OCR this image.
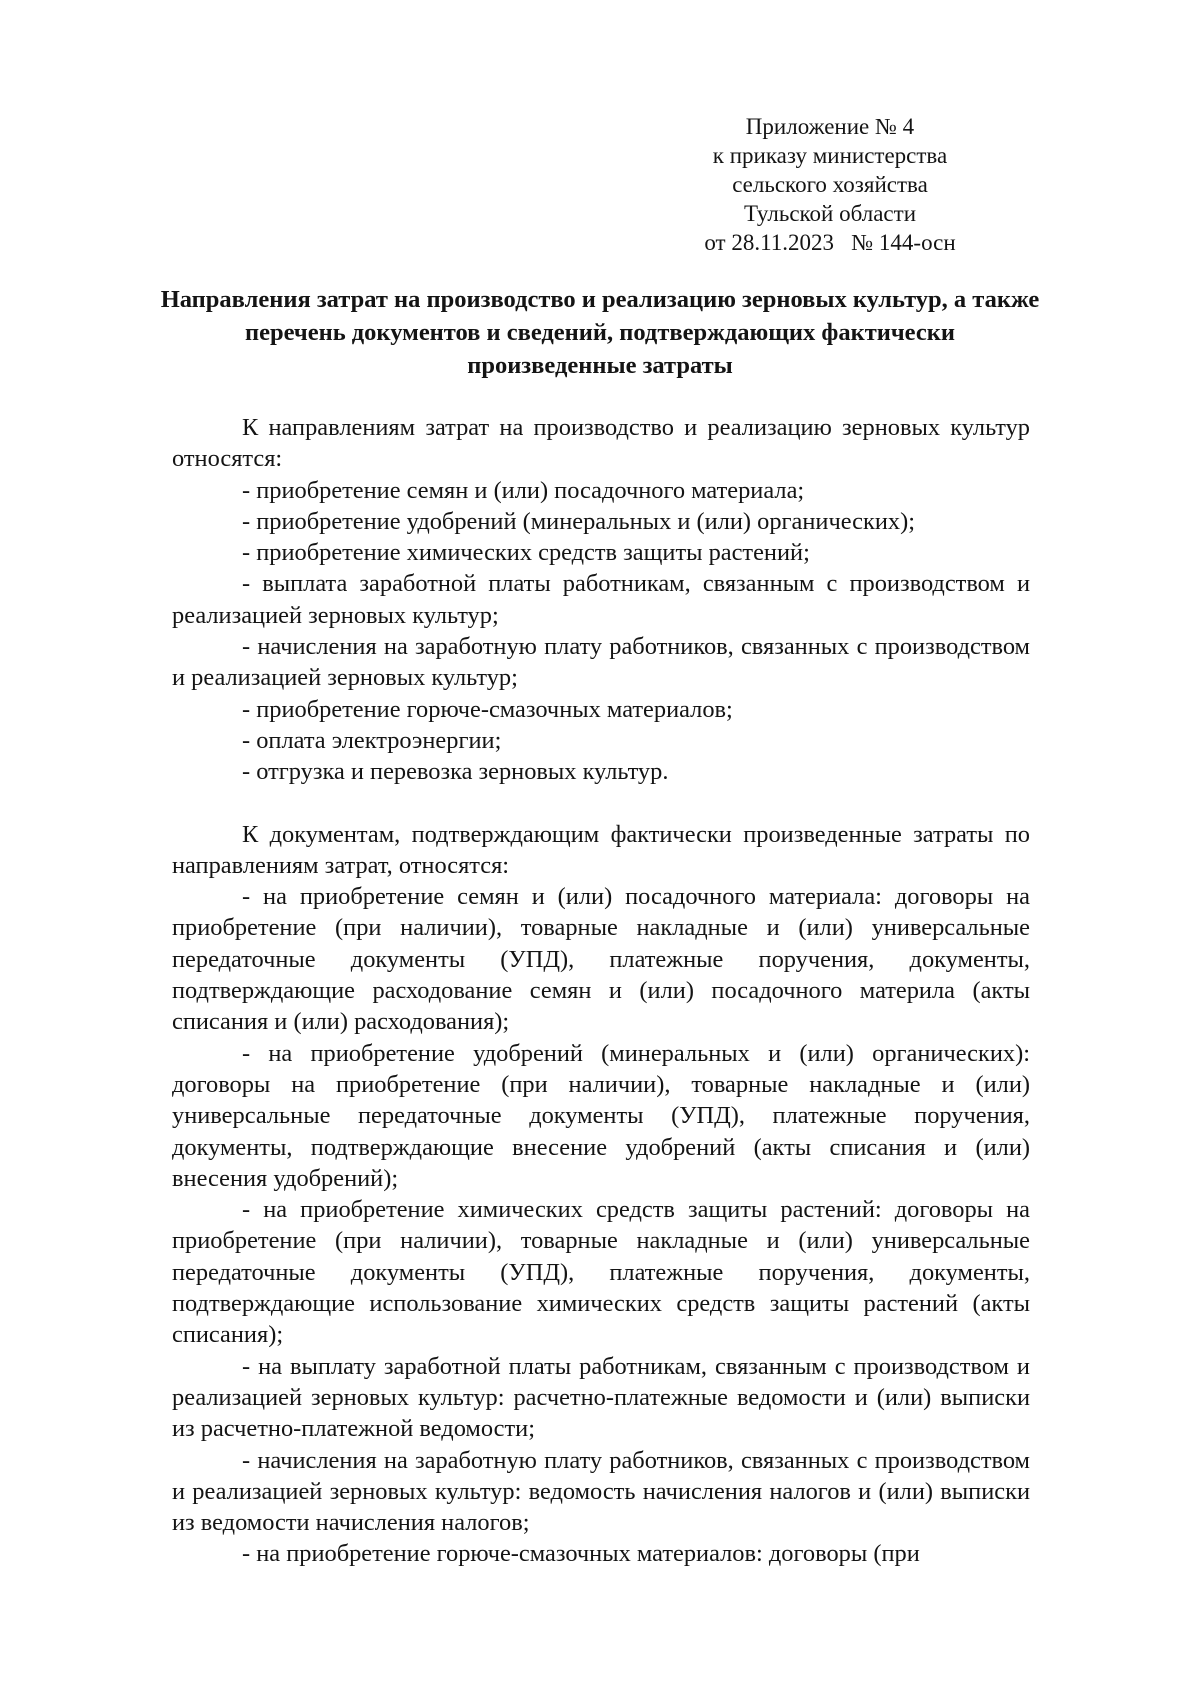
Приложение № 4
к приказу министерства
сельского хозяйства
Тульской области
от 28.11.2023   № 144-осн
Направления затрат на производство и реализацию зерновых культур, а также перечень документов и сведений, подтверждающих фактически произведенные затраты

К направлениям затрат на производство и реализацию зерновых культур относятся:

- приобретение семян и (или) посадочного материала;

- приобретение удобрений (минеральных и (или) органических);

- приобретение химических средств защиты растений;

- выплата заработной платы работникам, связанным с производством и реализацией зерновых культур;

- начисления на заработную плату работников, связанных с производством и реализацией зерновых культур;

- приобретение горюче-смазочных материалов;

- оплата электроэнергии;

- отгрузка и перевозка зерновых культур.

К документам, подтверждающим фактически произведенные затраты по направлениям затрат, относятся:

- на приобретение семян и (или) посадочного материала: договоры на приобретение (при наличии), товарные накладные и (или) универсальные передаточные документы (УПД), платежные поручения, документы, подтверждающие расходование семян и (или) посадочного материла (акты списания и (или) расходования);

- на приобретение удобрений (минеральных и (или) органических): договоры на приобретение (при наличии), товарные накладные и (или) универсальные передаточные документы (УПД), платежные поручения, документы, подтверждающие внесение удобрений (акты списания и (или) внесения удобрений);

- на приобретение химических средств защиты растений: договоры на приобретение (при наличии), товарные накладные и (или) универсальные передаточные документы (УПД), платежные поручения, документы, подтверждающие использование химических средств защиты растений (акты списания);

- на выплату заработной платы работникам, связанным с производством и реализацией зерновых культур: расчетно-платежные ведомости и (или) выписки из расчетно-платежной ведомости;

- начисления на заработную плату работников, связанных с производством и реализацией зерновых культур: ведомость начисления налогов и (или) выписки из ведомости начисления налогов;

- на приобретение горюче-смазочных материалов: договоры (при
